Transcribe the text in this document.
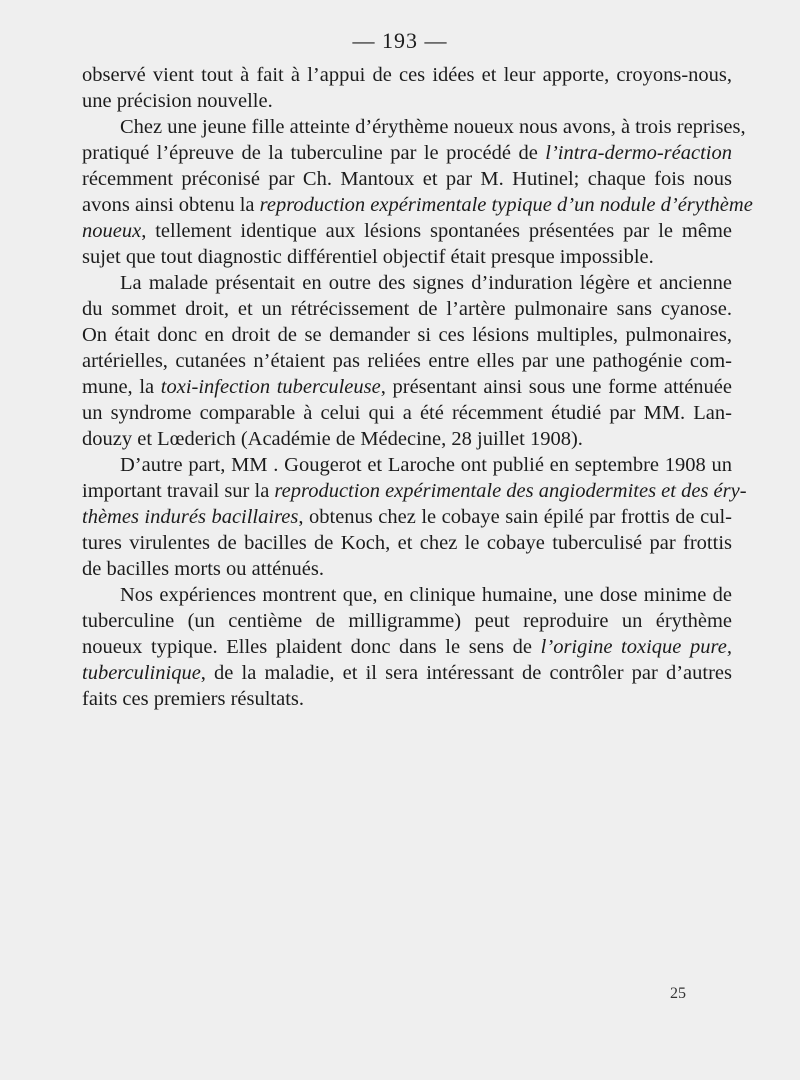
— 193 —
observé vient tout à fait à l’appui de ces idées et leur apporte, croyons-nous,
une précision nouvelle.
Chez une jeune fille atteinte d’érythème noueux nous avons, à trois reprises,
pratiqué l’épreuve de la tuberculine par le procédé de l’intra-dermo-réaction
récemment préconisé par Ch. Mantoux et par M. Hutinel; chaque fois nous
avons ainsi obtenu la reproduction expérimentale typique d’un nodule d’érythème
noueux, tellement identique aux lésions spontanées présentées par le même
sujet que tout diagnostic différentiel objectif était presque impossible.
La malade présentait en outre des signes d’induration légère et ancienne
du sommet droit, et un rétrécissement de l’artère pulmonaire sans cyanose.
On était donc en droit de se demander si ces lésions multiples, pulmonaires,
artérielles, cutanées n’étaient pas reliées entre elles par une pathogénie com-
mune, la toxi-infection tuberculeuse, présentant ainsi sous une forme atténuée
un syndrome comparable à celui qui a été récemment étudié par MM. Lan-
douzy et Lœderich (Académie de Médecine, 28 juillet 1908).
D’autre part, MM . Gougerot et Laroche ont publié en septembre 1908 un
important travail sur la reproduction expérimentale des angiodermites et des éry-
thèmes indurés bacillaires, obtenus chez le cobaye sain épilé par frottis de cul-
tures virulentes de bacilles de Koch, et chez le cobaye tuberculisé par frottis
de bacilles morts ou atténués.
Nos expériences montrent que, en clinique humaine, une dose minime de
tuberculine (un centième de milligramme) peut reproduire un érythème
noueux typique. Elles plaident donc dans le sens de l’origine toxique pure,
tuberculinique, de la maladie, et il sera intéressant de contrôler par d’autres
faits ces premiers résultats.
25
